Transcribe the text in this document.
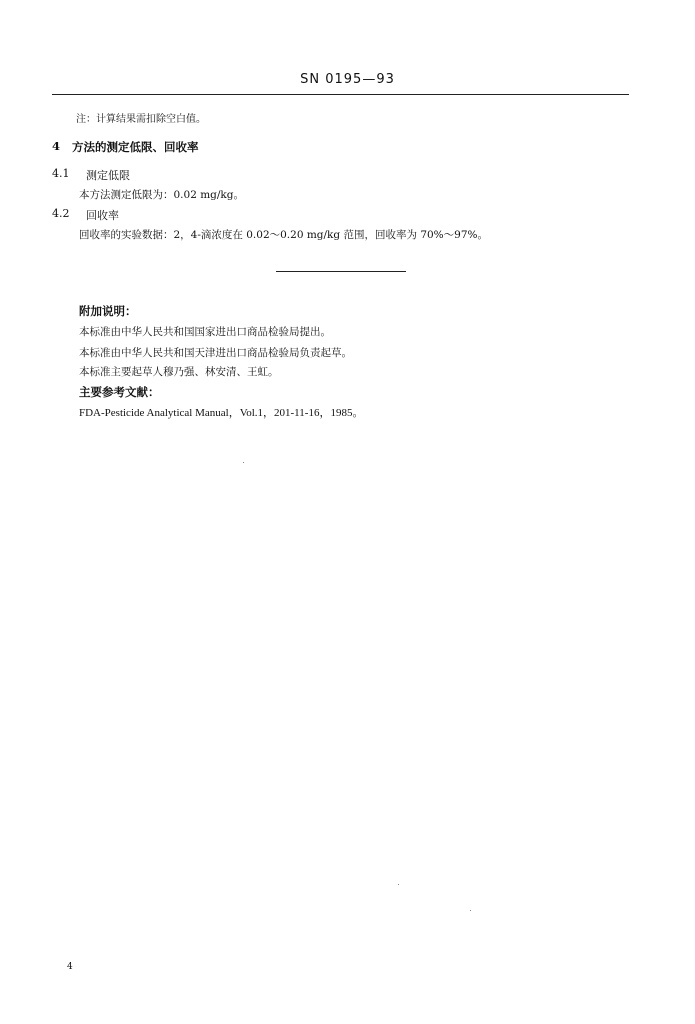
SN 0195—93
注：计算结果需扣除空白值。
4 方法的测定低限、回收率
4.1 测定低限
本方法测定低限为：0.02 mg/kg。
4.2 回收率
回收率的实验数据：2，4-滴浓度在 0.02～0.20 mg/kg 范围，回收率为 70%～97%。
附加说明：
本标准由中华人民共和国国家进出口商品检验局提出。
本标准由中华人民共和国天津进出口商品检验局负责起草。
本标准主要起草人穆乃强、林安清、王虹。
主要参考文献：
FDA-Pesticide Analytical Manual，Vol.1，201-11-16，1985。
4
